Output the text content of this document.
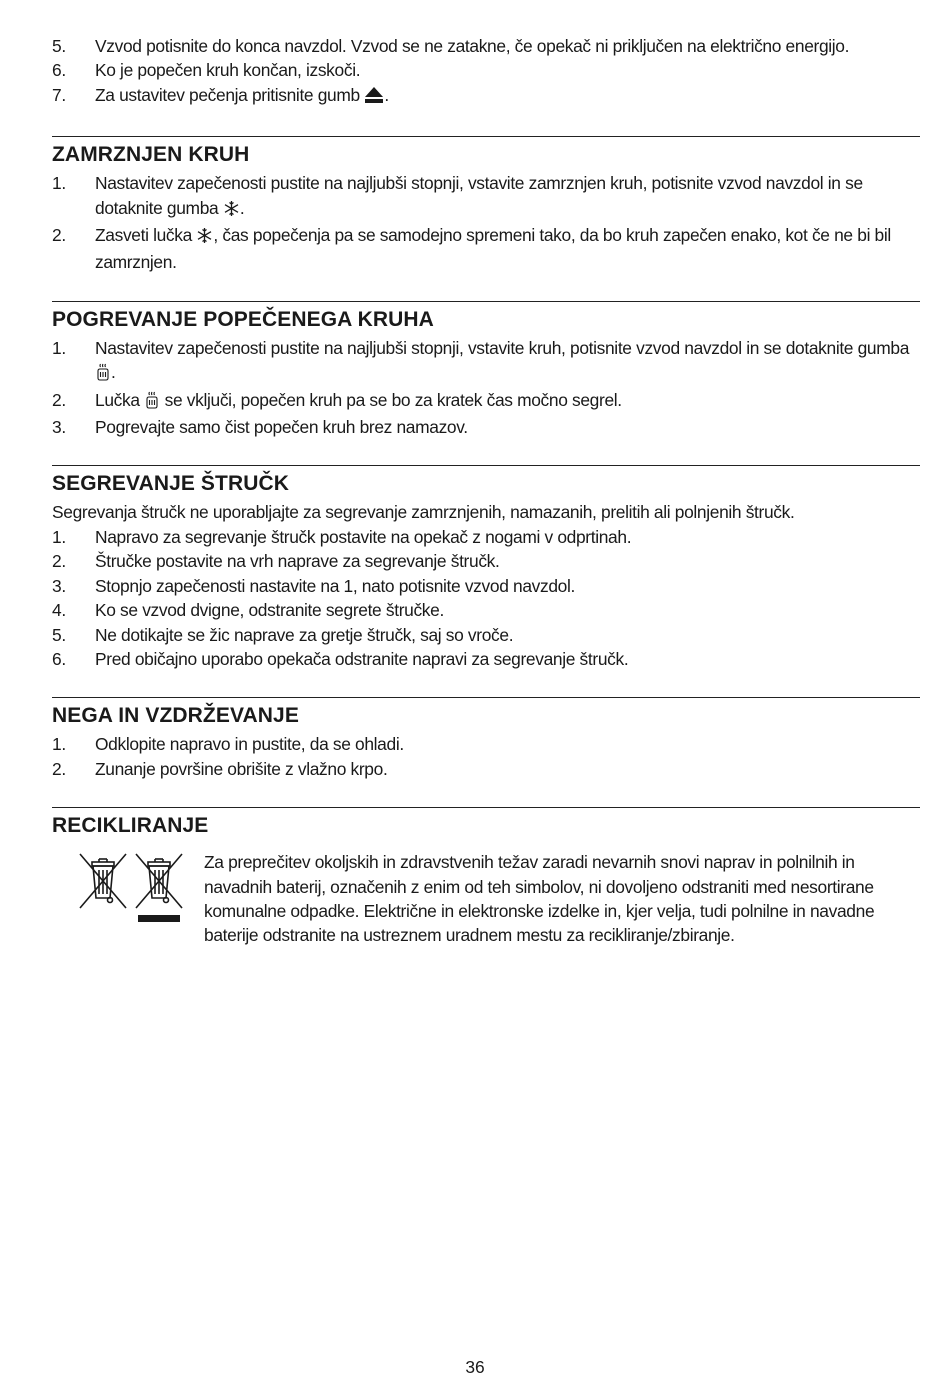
5.	Vzvod potisnite do konca navzdol. Vzvod se ne zatakne, če opekač ni priključen na električno energijo.
6.	Ko je popečen kruh končan, izskoči.
7.	Za ustavitev pečenja pritisnite gumb .
ZAMRZNJEN KRUH
1.	Nastavitev zapečenosti pustite na najljubši stopnji, vstavite zamrznjen kruh, potisnite vzvod navzdol in se dotaknite gumba .
2.	Zasveti lučka , čas popečenja pa se samodejno spremeni tako, da bo kruh zapečen enako, kot če ne bi bil zamrznjen.
POGREVANJE POPEČENEGA KRUHA
1.	Nastavitev zapečenosti pustite na najljubši stopnji, vstavite kruh, potisnite vzvod navzdol in se dotaknite gumba .
2.	Lučka se vključi, popečen kruh pa se bo za kratek čas močno segrel.
3.	Pogrevajte samo čist popečen kruh brez namazov.
SEGREVANJE ŠTRUČK

Segrevanja štručk ne uporabljajte za segrevanje zamrznjenih, namazanih, prelitih ali polnjenih štručk.

1.	Napravo za segrevanje štručk postavite na opekač z nogami v odprtinah.
2.	Štručke postavite na vrh naprave za segrevanje štručk.
3.	Stopnjo zapečenosti nastavite na 1, nato potisnite vzvod navzdol.
4.	Ko se vzvod dvigne, odstranite segrete štručke.
5.	Ne dotikajte se žic naprave za gretje štručk, saj so vroče.
6.	Pred običajno uporabo opekača odstranite napravi za segrevanje štručk.
NEGA IN VZDRŽEVANJE
1.	Odklopite napravo in pustite, da se ohladi.
2.	Zunanje površine obrišite z vlažno krpo.
RECIKLIRANJE

Za preprečitev okoljskih in zdravstvenih težav zaradi nevarnih snovi naprav in polnilnih in navadnih baterij, označenih z enim od teh simbolov, ni dovoljeno odstraniti med nesortirane komunalne odpadke. Električne in elektronske izdelke in, kjer velja, tudi polnilne in navadne baterije odstranite na ustreznem uradnem mestu za recikliranje/zbiranje.

36
